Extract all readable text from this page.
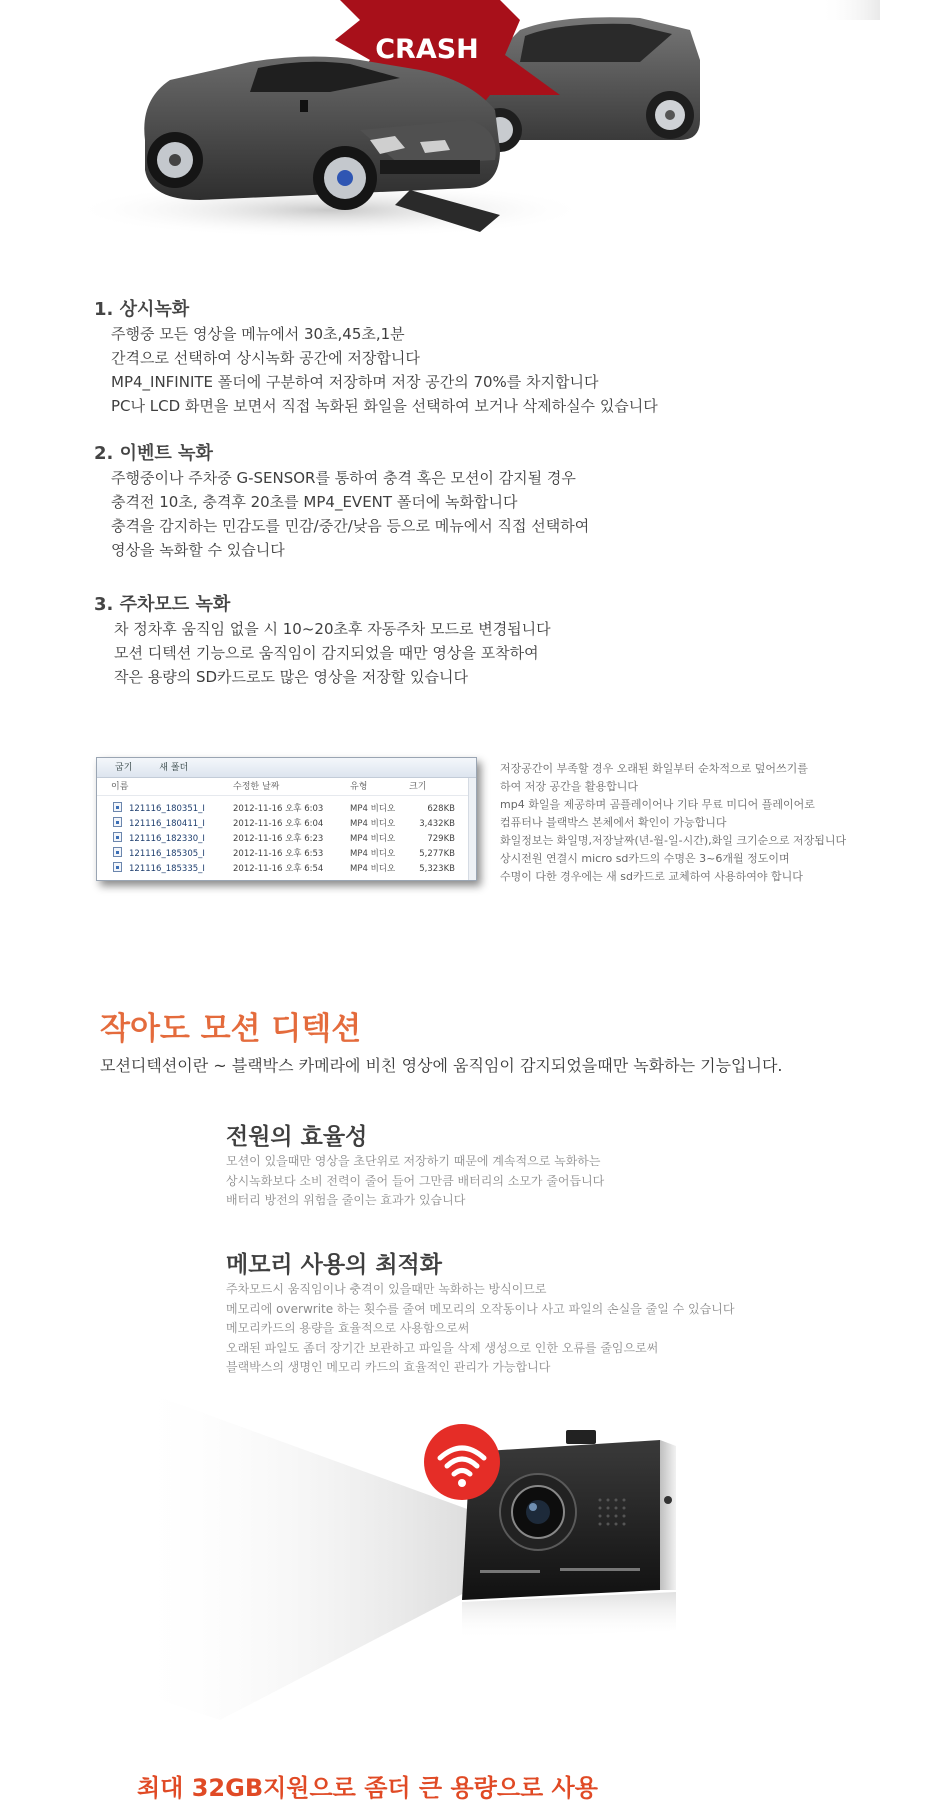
CRASH
1. 상시녹화
주행중 모든 영상을 메뉴에서 30초,45초,1분
간격으로 선택하여 상시녹화 공간에 저장합니다
MP4_INFINITE 폴더에 구분하여 저장하며 저장 공간의 70%를 차지합니다
PC나 LCD 화면을 보면서 직접 녹화된 화일을 선택하여 보거나 삭제하실수 있습니다
2. 이벤트 녹화
주행중이나 주차중 G-SENSOR를 통하여 충격 혹은 모션이 감지될 경우
충격전 10초, 충격후 20초를 MP4_EVENT 폴더에 녹화합니다
충격을 감지하는 민감도를 민감/중간/낮음 등으로 메뉴에서 직접 선택하여
영상을 녹화할 수 있습니다
3. 주차모드 녹화
차 정차후 움직임 없을 시 10~20초후 자동주차 모드로 변경됩니다
모션 디텍션 기능으로 움직임이 감지되었을 때만 영상을 포착하여
작은 용량의 SD카드로도 많은 영상을 저장할 있습니다
굽기	새 폴더
이름	수정한 날짜	유형	크기
121116_180351_I	2012-11-16 오후 6:03	MP4 비디오	628KB
121116_180411_I	2012-11-16 오후 6:04	MP4 비디오	3,432KB
121116_182330_I	2012-11-16 오후 6:23	MP4 비디오	729KB
121116_185305_I	2012-11-16 오후 6:53	MP4 비디오	5,277KB
121116_185335_I	2012-11-16 오후 6:54	MP4 비디오	5,323KB
저장공간이 부족할 경우 오래된 화일부터 순차적으로 덮어쓰기를
하여 저장 공간을 활용합니다
mp4 화일을 제공하며 곰플레이어나 기타 무료 미디어 플레이어로
컴퓨터나 블랙박스 본체에서 확인이 가능합니다
화일정보는 화일명,저장날짜(년-월-일-시간),화일 크기순으로 저장됩니다
상시전원 연결시 micro sd카드의 수명은 3~6개월 정도이며
수명이 다한 경우에는 새 sd카드로 교체하여 사용하여야 합니다
작아도 모션 디텍션
모션디텍션이란 ~ 블랙박스 카메라에 비친 영상에 움직임이 감지되었을때만 녹화하는 기능입니다.
전원의 효율성
모션이 있을때만 영상을 초단위로 저장하기 때문에 계속적으로 녹화하는
상시녹화보다 소비 전력이 줄어 들어 그만큼 배터리의 소모가 줄어듭니다
배터리 방전의 위험을 줄이는 효과가 있습니다
메모리 사용의 최적화
주차모드시 움직임이나 충격이 있을때만 녹화하는 방식이므로
메모리에 overwrite 하는 횟수를 줄여 메모리의 오작동이나 사고 파일의 손실을 줄일 수 있습니다
메모리카드의 용량을 효율적으로 사용함으로써
오래된 파일도 좀더 장기간 보관하고 파일을 삭제 생성으로 인한 오류를 줄임으로써
블랙박스의 생명인 메모리 카드의 효율적인 관리가 가능합니다
최대 32GB지원으로 좀더 큰 용량으로 사용
